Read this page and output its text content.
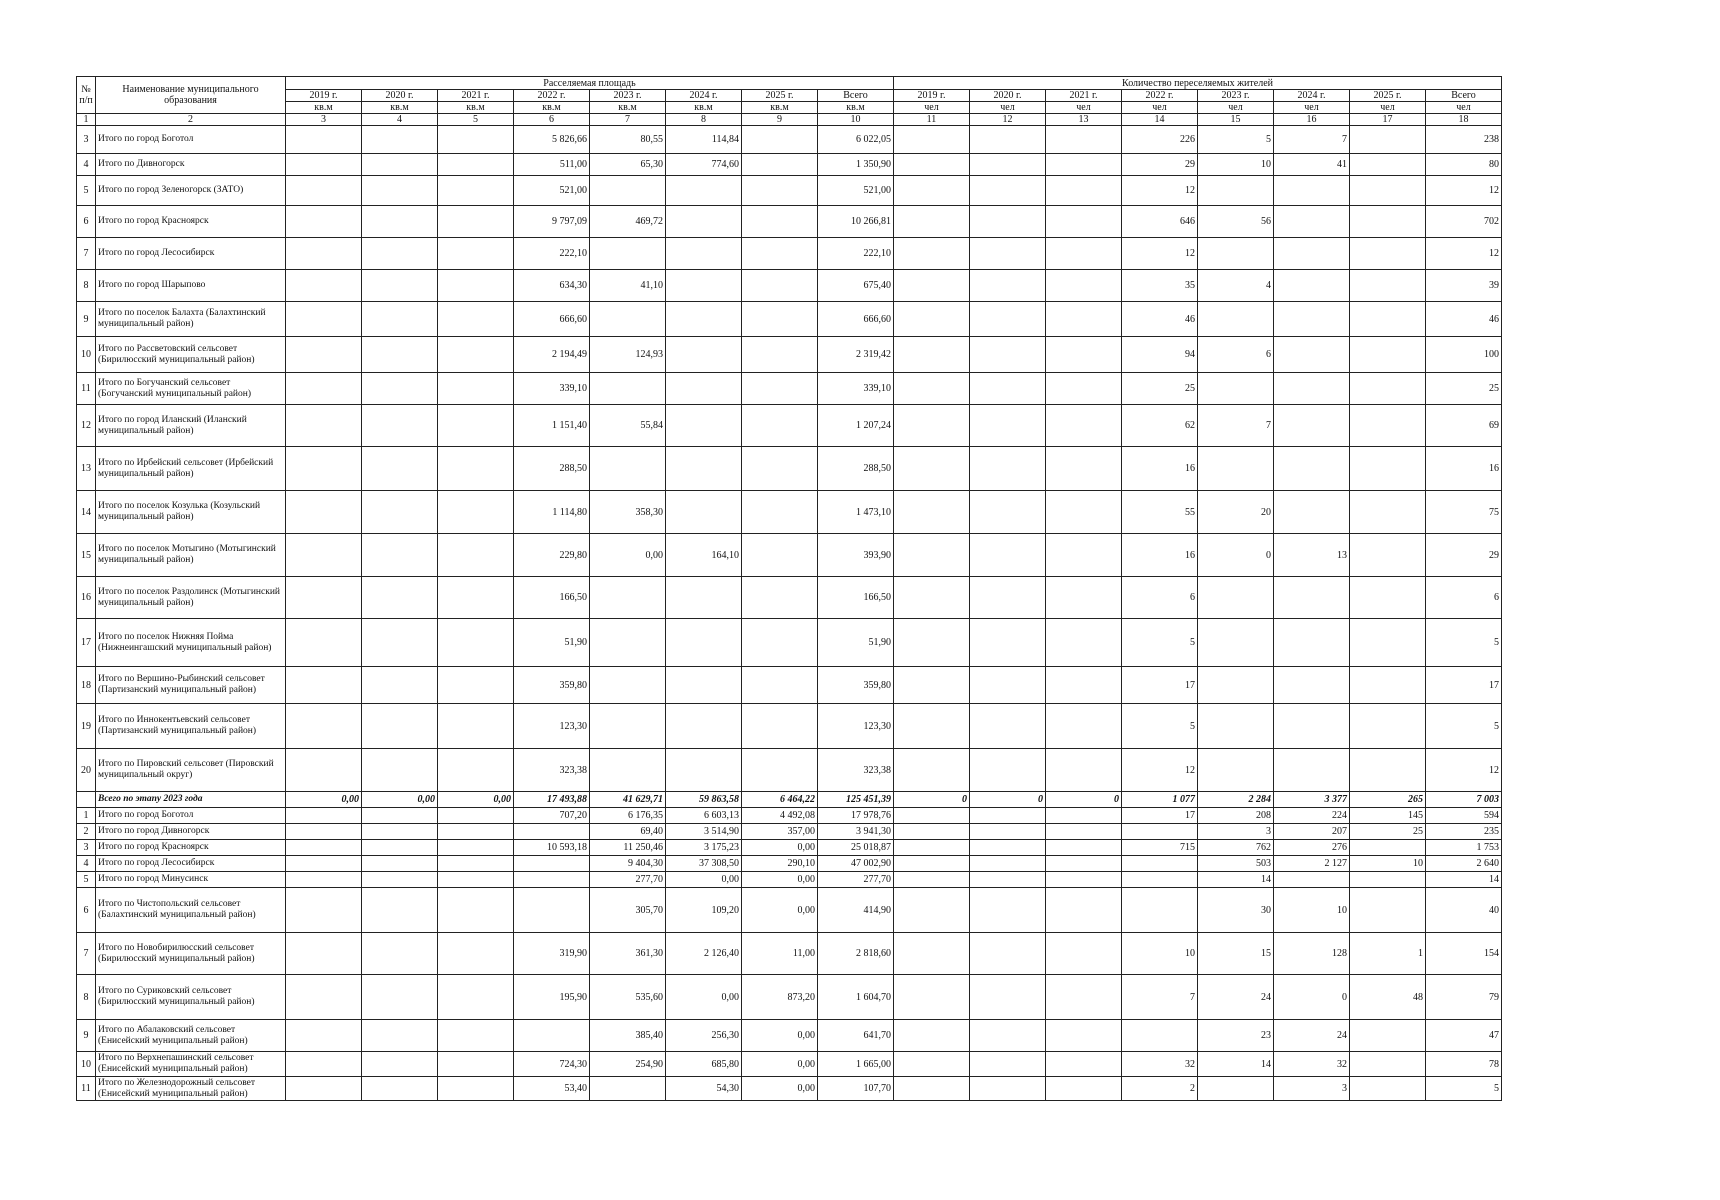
№ п/п	Наименование муниципального образования	Расселяемая площадь								Количество переселяемых жителей							
		2019 г.	2020 г.	2021 г.	2022 г.	2023 г.	2024 г.	2025 г.	Всего	2019 г.	2020 г.	2021 г.	2022 г.	2023 г.	2024 г.	2025 г.	Всего
		кв.м	кв.м	кв.м	кв.м	кв.м	кв.м	кв.м	кв.м	чел	чел	чел	чел	чел	чел	чел	чел
1	2	3	4	5	6	7	8	9	10	11	12	13	14	15	16	17	18
3	Итого по город Боготол				5 826,66	80,55	114,84		6 022,05				226	5	7		238
4	Итого по Дивногорск				511,00	65,30	774,60		1 350,90				29	10	41		80
5	Итого по город Зеленогорск (ЗАТО)				521,00				521,00				12				12
6	Итого по город Красноярск				9 797,09	469,72			10 266,81				646	56			702
7	Итого по город Лесосибирск				222,10				222,10				12				12
8	Итого по город Шарыпово				634,30	41,10			675,40				35	4			39
9	Итого по поселок Балахта (Балахтинский муниципальный район)				666,60				666,60				46				46
10	Итого по Рассветовский сельсовет (Бирилюсский муниципальный район)				2 194,49	124,93			2 319,42				94	6			100
11	Итого по Богучанский сельсовет (Богучанский муниципальный район)				339,10				339,10				25				25
12	Итого по город Иланский (Иланский муниципальный район)				1 151,40	55,84			1 207,24				62	7			69
13	Итого по Ирбейский сельсовет (Ирбейский муниципальный район)				288,50				288,50				16				16
14	Итого по поселок Козулька (Козульский муниципальный район)				1 114,80	358,30			1 473,10				55	20			75
15	Итого по поселок Мотыгино (Мотыгинский муниципальный район)				229,80	0,00	164,10		393,90				16	0	13		29
16	Итого по поселок Раздолинск (Мотыгинский муниципальный район)				166,50				166,50				6				6
17	Итого по поселок Нижняя Пойма (Нижнеингашский муниципальный район)				51,90				51,90				5				5
18	Итого по Вершино-Рыбинский сельсовет (Партизанский муниципальный район)				359,80				359,80				17				17
19	Итого по Иннокентьевский сельсовет (Партизанский муниципальный район)				123,30				123,30				5				5
20	Итого по Пировский сельсовет (Пировский муниципальный округ)				323,38				323,38				12				12
	Всего по этапу 2023 года	0,00	0,00	0,00	17 493,88	41 629,71	59 863,58	6 464,22	125 451,39	0	0	0	1 077	2 284	3 377	265	7 003
1	Итого по город Боготол				707,20	6 176,35	6 603,13	4 492,08	17 978,76				17	208	224	145	594
2	Итого по город Дивногорск					69,40	3 514,90	357,00	3 941,30					3	207	25	235
3	Итого по город Красноярск				10 593,18	11 250,46	3 175,23	0,00	25 018,87				715	762	276		1 753
4	Итого по город Лесосибирск					9 404,30	37 308,50	290,10	47 002,90					503	2 127	10	2 640
5	Итого по город Минусинск					277,70	0,00	0,00	277,70					14			14
6	Итого по Чистопольский сельсовет (Балахтинский муниципальный район)					305,70	109,20	0,00	414,90					30	10		40
7	Итого по Новобирилюсский сельсовет (Бирилюсский муниципальный район)				319,90	361,30	2 126,40	11,00	2 818,60				10	15	128	1	154
8	Итого по Суриковский сельсовет (Бирилюсский муниципальный район)				195,90	535,60	0,00	873,20	1 604,70				7	24	0	48	79
9	Итого по Абалаковский сельсовет (Енисейский муниципальный район)					385,40	256,30	0,00	641,70					23	24		47
10	Итого по Верхнепашинский сельсовет (Енисейский муниципальный район)				724,30	254,90	685,80	0,00	1 665,00				32	14	32		78
11	Итого по Железнодорожный сельсовет (Енисейский муниципальный район)				53,40		54,30	0,00	107,70				2		3		5
